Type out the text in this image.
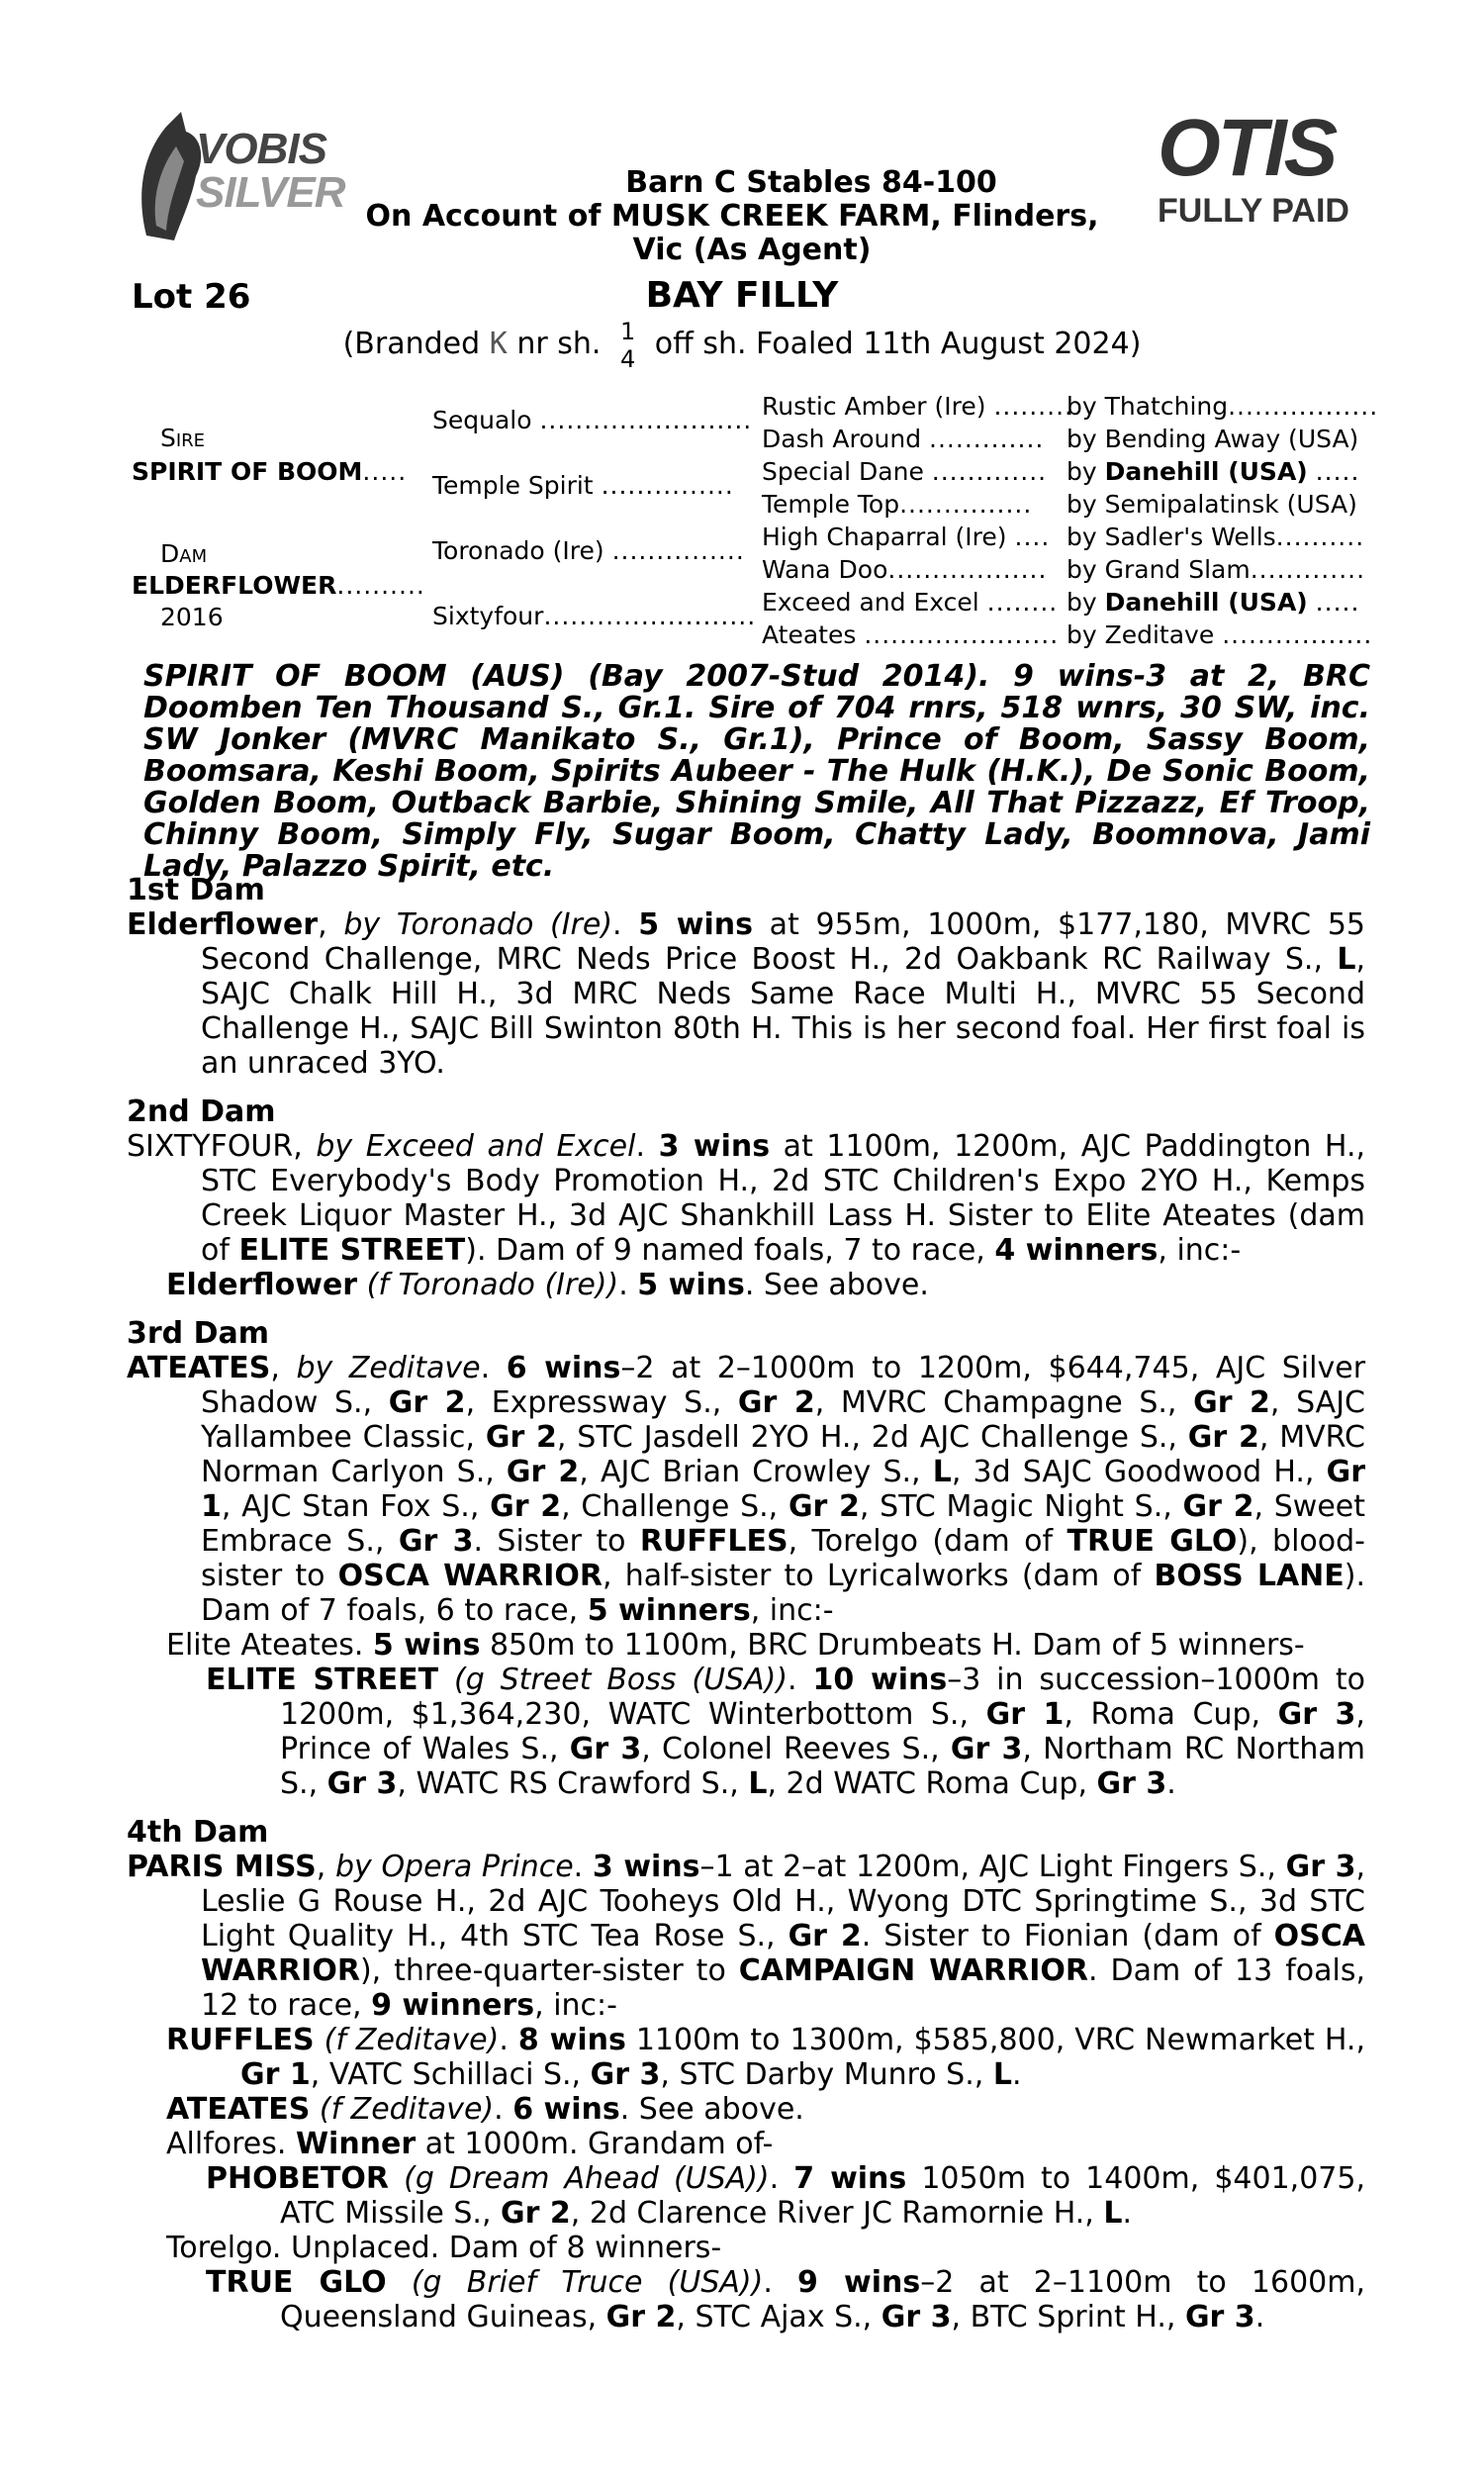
VOBIS
SILVER	OTIS
FULLY PAID
Barn C Stables 84-100
On Account of MUSK CREEK FARM, Flinders,
Vic (As Agent)
Lot 26	BAY FILLY
(Branded K nr sh. 1
4 off sh. Foaled 11th August 2024)
Sire
SPIRIT OF BOOM.....
Dam
ELDERFLOWER..........
2016
Sequalo ........................
Temple Spirit ...............
Toronado (Ire) ...............
Sixtyfour........................
Rustic Amber (Ire) .........
Dash Around .............
Special Dane .............
Temple Top...............
High Chaparral (Ire) ....
Wana Doo..................
Exceed and Excel ........
Ateates ......................
by Thatching.................
by Bending Away (USA)
by Danehill (USA) .....
by Semipalatinsk (USA)
by Sadler's Wells..........
by Grand Slam.............
by Danehill (USA) .....
by Zeditave .................
SPIRIT OF BOOM (AUS) (Bay 2007-Stud 2014). 9 wins-3 at 2, BRC Doomben Ten Thousand S., Gr.1. Sire of 704 rnrs, 518 wnrs, 30 SW, inc. SW Jonker (MVRC Manikato S., Gr.1), Prince of Boom, Sassy Boom, Boomsara, Keshi Boom, Spirits Aubeer - The Hulk (H.K.), De Sonic Boom, Golden Boom, Outback Barbie, Shining Smile, All That Pizzazz, Ef Troop, Chinny Boom, Simply Fly, Sugar Boom, Chatty Lady, Boomnova, Jami Lady, Palazzo Spirit, etc.
1st Dam

Elderflower, by Toronado (Ire). 5 wins at 955m, 1000m, $177,180, MVRC 55 Second Challenge, MRC Neds Price Boost H., 2d Oakbank RC Railway S., L, SAJC Chalk Hill H., 3d MRC Neds Same Race Multi H., MVRC 55 Second Challenge H., SAJC Bill Swinton 80th H. This is her second foal. Her first foal is an unraced 3YO.

2nd Dam

SIXTYFOUR, by Exceed and Excel. 3 wins at 1100m, 1200m, AJC Paddington H., STC Everybody's Body Promotion H., 2d STC Children's Expo 2YO H., Kemps Creek Liquor Master H., 3d AJC Shankhill Lass H. Sister to Elite Ateates (dam of ELITE STREET). Dam of 9 named foals, 7 to race, 4 winners, inc:-

Elderflower (f Toronado (Ire)). 5 wins. See above.

3rd Dam

ATEATES, by Zeditave. 6 wins–2 at 2–1000m to 1200m, $644,745, AJC Silver Shadow S., Gr 2, Expressway S., Gr 2, MVRC Champagne S., Gr 2, SAJC Yallambee Classic, Gr 2, STC Jasdell 2YO H., 2d AJC Challenge S., Gr 2, MVRC Norman Carlyon S., Gr 2, AJC Brian Crowley S., L, 3d SAJC Goodwood H., Gr 1, AJC Stan Fox S., Gr 2, Challenge S., Gr 2, STC Magic Night S., Gr 2, Sweet Embrace S., Gr 3. Sister to RUFFLES, Torelgo (dam of TRUE GLO), blood-sister to OSCA WARRIOR, half-sister to Lyricalworks (dam of BOSS LANE). Dam of 7 foals, 6 to race, 5 winners, inc:-

Elite Ateates. 5 wins 850m to 1100m, BRC Drumbeats H. Dam of 5 winners-

ELITE STREET (g Street Boss (USA)). 10 wins–3 in succession–1000m to 1200m, $1,364,230, WATC Winterbottom S., Gr 1, Roma Cup, Gr 3, Prince of Wales S., Gr 3, Colonel Reeves S., Gr 3, Northam RC Northam S., Gr 3, WATC RS Crawford S., L, 2d WATC Roma Cup, Gr 3.

4th Dam

PARIS MISS, by Opera Prince. 3 wins–1 at 2–at 1200m, AJC Light Fingers S., Gr 3, Leslie G Rouse H., 2d AJC Tooheys Old H., Wyong DTC Springtime S., 3d STC Light Quality H., 4th STC Tea Rose S., Gr 2. Sister to Fionian (dam of OSCA WARRIOR), three-quarter-sister to CAMPAIGN WARRIOR. Dam of 13 foals, 12 to race, 9 winners, inc:-

RUFFLES (f Zeditave). 8 wins 1100m to 1300m, $585,800, VRC Newmarket H., Gr 1, VATC Schillaci S., Gr 3, STC Darby Munro S., L.

ATEATES (f Zeditave). 6 wins. See above.

Allfores. Winner at 1000m. Grandam of-

PHOBETOR (g Dream Ahead (USA)). 7 wins 1050m to 1400m, $401,075, ATC Missile S., Gr 2, 2d Clarence River JC Ramornie H., L.

Torelgo. Unplaced. Dam of 8 winners-

TRUE GLO (g Brief Truce (USA)). 9 wins–2 at 2–1100m to 1600m, Queensland Guineas, Gr 2, STC Ajax S., Gr 3, BTC Sprint H., Gr 3.
